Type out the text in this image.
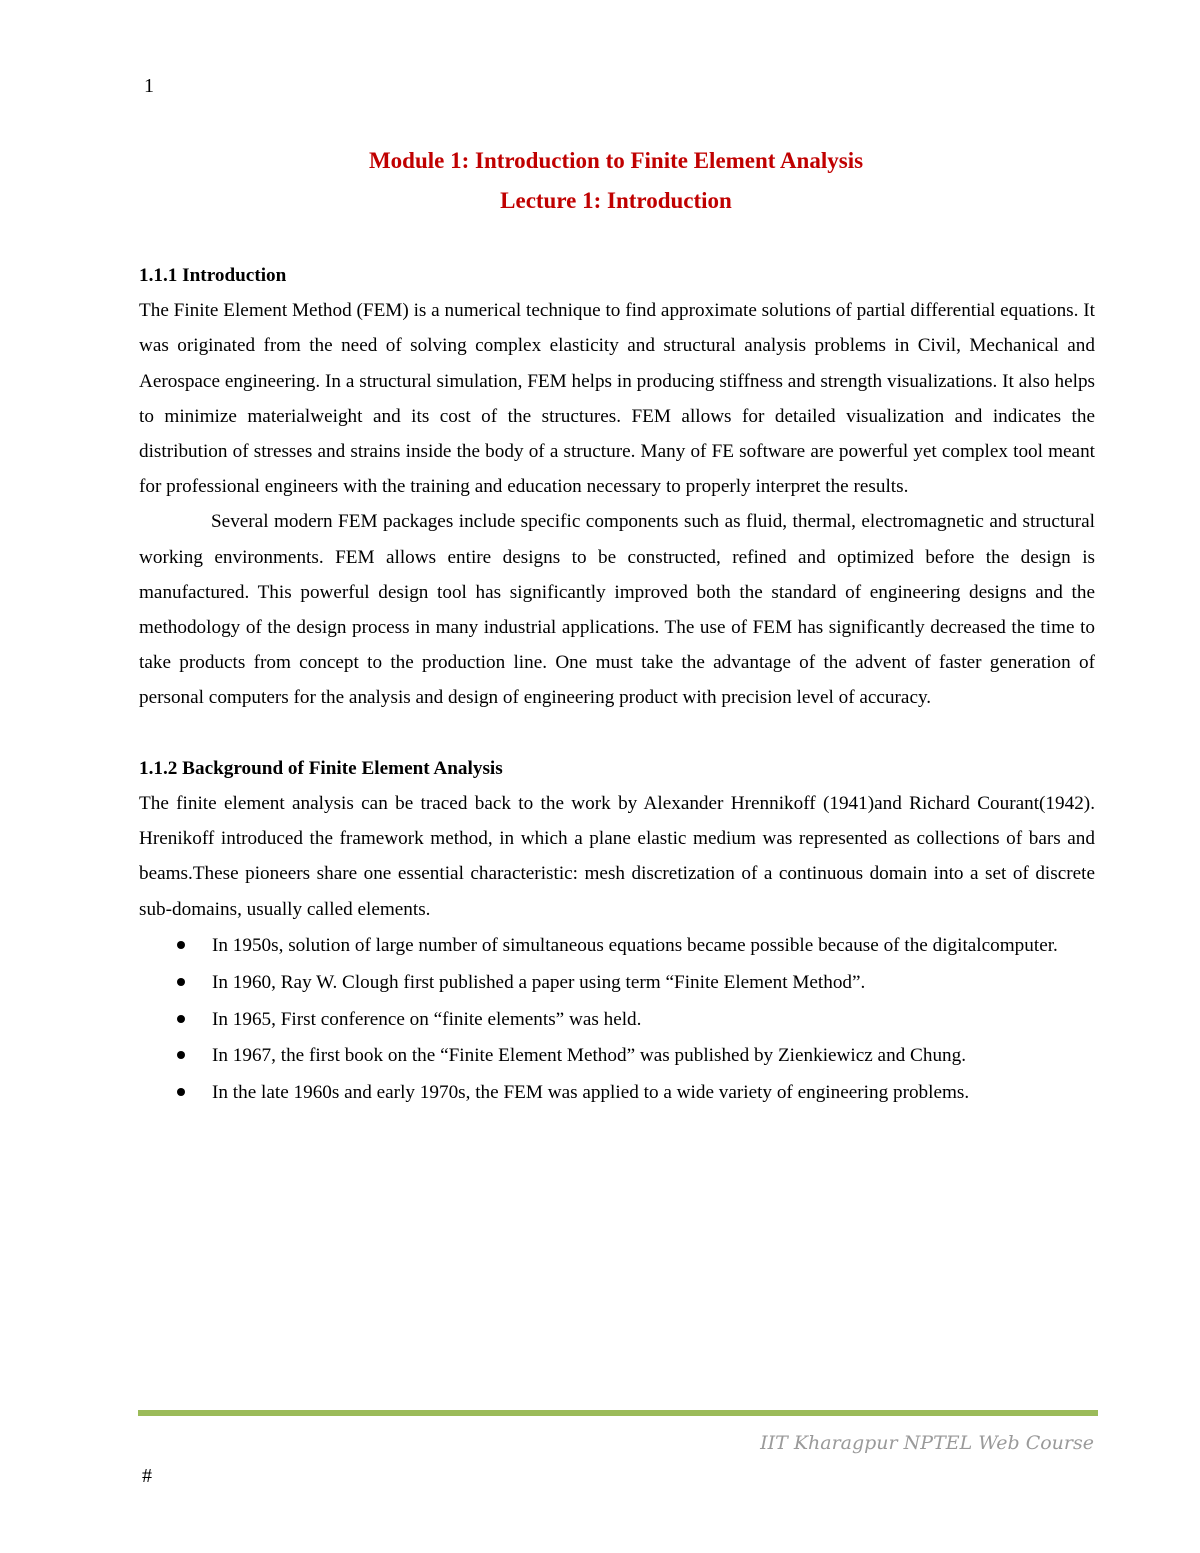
1
Module 1: Introduction to Finite Element Analysis
Lecture 1: Introduction
1.1.1 Introduction

The Finite Element Method (FEM) is a numerical technique to find approximate solutions of partial differential equations. It was originated from the need of solving complex elasticity and structural analysis problems in Civil, Mechanical and Aerospace engineering. In a structural simulation, FEM helps in producing stiffness and strength visualizations. It also helps to minimize materialweight and its cost of the structures. FEM allows for detailed visualization and indicates the distribution of stresses and strains inside the body of a structure. Many of FE software are powerful yet complex tool meant for professional engineers with the training and education necessary to properly interpret the results.

Several modern FEM packages include specific components such as fluid, thermal, electromagnetic and structural working environments. FEM allows entire designs to be constructed, refined and optimized before the design is manufactured. This powerful design tool has significantly improved both the standard of engineering designs and the methodology of the design process in many industrial applications. The use of FEM has significantly decreased the time to take products from concept to the production line. One must take the advantage of the advent of faster generation of personal computers for the analysis and design of engineering product with precision level of accuracy.

1.1.2 Background of Finite Element Analysis

The finite element analysis can be traced back to the work by Alexander Hrennikoff (1941)and Richard Courant(1942). Hrenikoff introduced the framework method, in which a plane elastic medium was represented as collections of bars and beams.These pioneers share one essential characteristic: mesh discretization of a continuous domain into a set of discrete sub-domains, usually called elements.

In 1950s, solution of large number of simultaneous equations became possible because of the digitalcomputer.
In 1960, Ray W. Clough first published a paper using term “Finite Element Method”.
In 1965, First conference on “finite elements” was held.
In 1967, the first book on the “Finite Element Method” was published by Zienkiewicz and Chung.
In the late 1960s and early 1970s, the FEM was applied to a wide variety of engineering problems.
IIT Kharagpur NPTEL Web Course
#
